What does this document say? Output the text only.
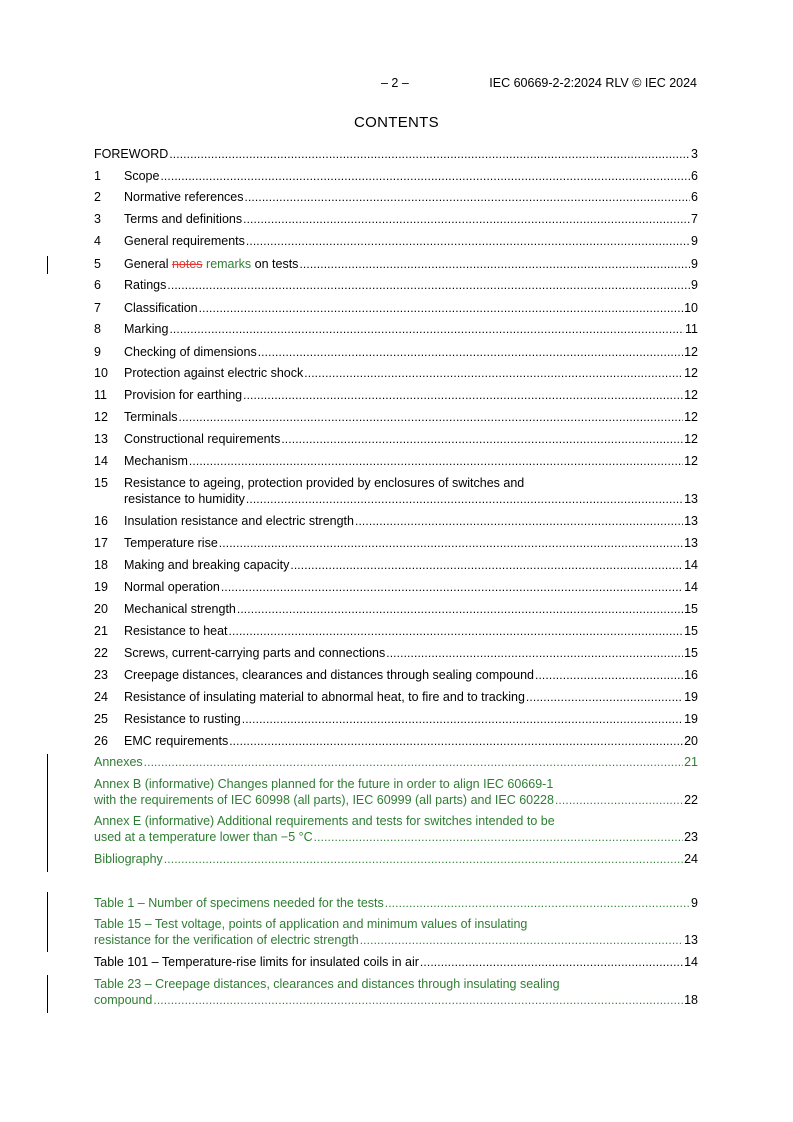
– 2 –	IEC 60669-2-2:2024 RLV © IEC 2024
CONTENTS
FOREWORD . . .	3
1	Scope . . .	6
2	Normative references . . .	6
3	Terms and definitions . . .	7
4	General requirements . . .	9
5	General notes remarks on tests . . .	9
6	Ratings . . .	9
7	Classification . . .	10
8	Marking . . .	11
9	Checking of dimensions . . .	12
10	Protection against electric shock . . .	12
11	Provision for earthing . . .	12
12	Terminals . . .	12
13	Constructional requirements . . .	12
14	Mechanism . . .	12
15	Resistance to ageing, protection provided by enclosures of switches and
resistance to humidity . . .	13
16	Insulation resistance and electric strength . . .	13
17	Temperature rise . . .	13
18	Making and breaking capacity . . .	14
19	Normal operation . . .	14
20	Mechanical strength . . .	15
21	Resistance to heat . . .	15
22	Screws, current-carrying parts and connections . . .	15
23	Creepage distances, clearances and distances through sealing compound . . .	16
24	Resistance of insulating material to abnormal heat, to fire and to tracking . . .	19
25	Resistance to rusting . . .	19
26	EMC requirements . . .	20
Annexes . . .	21
Annex B (informative) Changes planned for the future in order to align IEC 60669-1
with the requirements of IEC 60998 (all parts), IEC 60999 (all parts) and IEC 60228 . . .	22
Annex E (informative) Additional requirements and tests for switches intended to be
used at a temperature lower than −5 °C . . .	23
Bibliography . . .	24
Table 1 – Number of specimens needed for the tests . . .	9
Table 15 – Test voltage, points of application and minimum values of insulating
resistance for the verification of electric strength . . .	13
Table 101 – Temperature-rise limits for insulated coils in air . . .	14
Table 23 – Creepage distances, clearances and distances through insulating sealing
compound . . .	18
